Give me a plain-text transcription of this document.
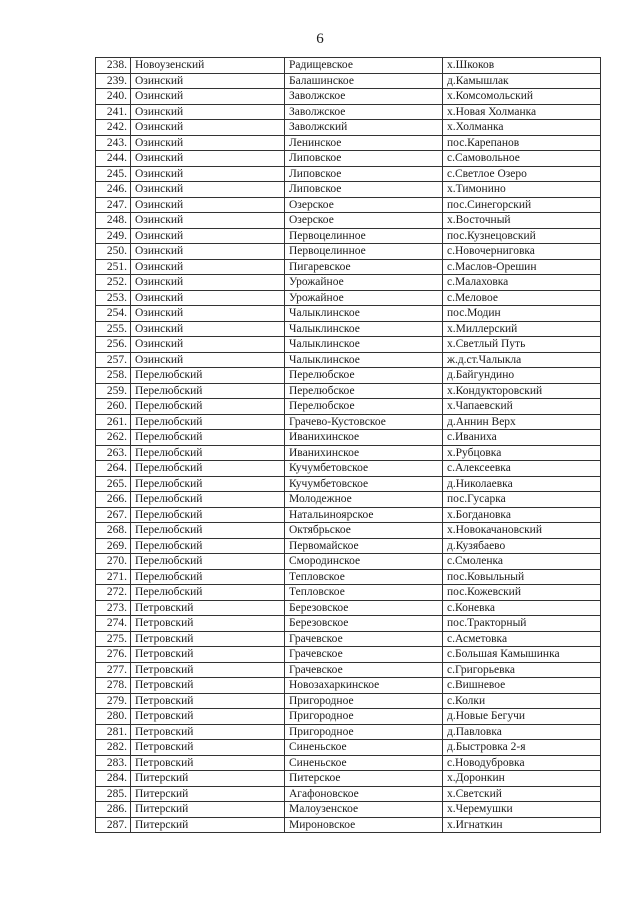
6
238.	Новоузенский	Радищевское	х.Шкоков
239.	Озинский	Балашинское	д.Камышлак
240.	Озинский	Заволжское	х.Комсомольский
241.	Озинский	Заволжское	х.Новая Холманка
242.	Озинский	Заволжский	х.Холманка
243.	Озинский	Ленинское	пос.Карепанов
244.	Озинский	Липовское	с.Самовольное
245.	Озинский	Липовское	с.Светлое Озеро
246.	Озинский	Липовское	х.Тимонино
247.	Озинский	Озерское	пос.Синегорский
248.	Озинский	Озерское	х.Восточный
249.	Озинский	Первоцелинное	пос.Кузнецовский
250.	Озинский	Первоцелинное	с.Новочерниговка
251.	Озинский	Пигаревское	с.Маслов-Орешин
252.	Озинский	Урожайное	с.Малаховка
253.	Озинский	Урожайное	с.Меловое
254.	Озинский	Чалыклинское	пос.Модин
255.	Озинский	Чалыклинское	х.Миллерский
256.	Озинский	Чалыклинское	х.Светлый Путь
257.	Озинский	Чалыклинское	ж.д.ст.Чалыкла
258.	Перелюбский	Перелюбское	д.Байгундино
259.	Перелюбский	Перелюбское	х.Кондукторовский
260.	Перелюбский	Перелюбское	х.Чапаевский
261.	Перелюбский	Грачево-Кустовское	д.Аннин Верх
262.	Перелюбский	Иванихинское	с.Иваниха
263.	Перелюбский	Иванихинское	х.Рубцовка
264.	Перелюбский	Кучумбетовское	с.Алексеевка
265.	Перелюбский	Кучумбетовское	д.Николаевка
266.	Перелюбский	Молодежное	пос.Гусарка
267.	Перелюбский	Натальиноярское	х.Богдановка
268.	Перелюбский	Октябрьское	х.Новокачановский
269.	Перелюбский	Первомайское	д.Кузябаево
270.	Перелюбский	Смородинское	с.Смоленка
271.	Перелюбский	Тепловское	пос.Ковыльный
272.	Перелюбский	Тепловское	пос.Кожевский
273.	Петровский	Березовское	с.Коневка
274.	Петровский	Березовское	пос.Тракторный
275.	Петровский	Грачевское	с.Асметовка
276.	Петровский	Грачевское	с.Большая Камышинка
277.	Петровский	Грачевское	с.Григорьевка
278.	Петровский	Новозахаркинское	с.Вишневое
279.	Петровский	Пригородное	с.Колки
280.	Петровский	Пригородное	д.Новые Бегучи
281.	Петровский	Пригородное	д.Павловка
282.	Петровский	Синеньское	д.Быстровка 2-я
283.	Петровский	Синеньское	с.Новодубровка
284.	Питерский	Питерское	х.Доронкин
285.	Питерский	Агафоновское	х.Светский
286.	Питерский	Малоузенское	х.Черемушки
287.	Питерский	Мироновское	х.Игнаткин
